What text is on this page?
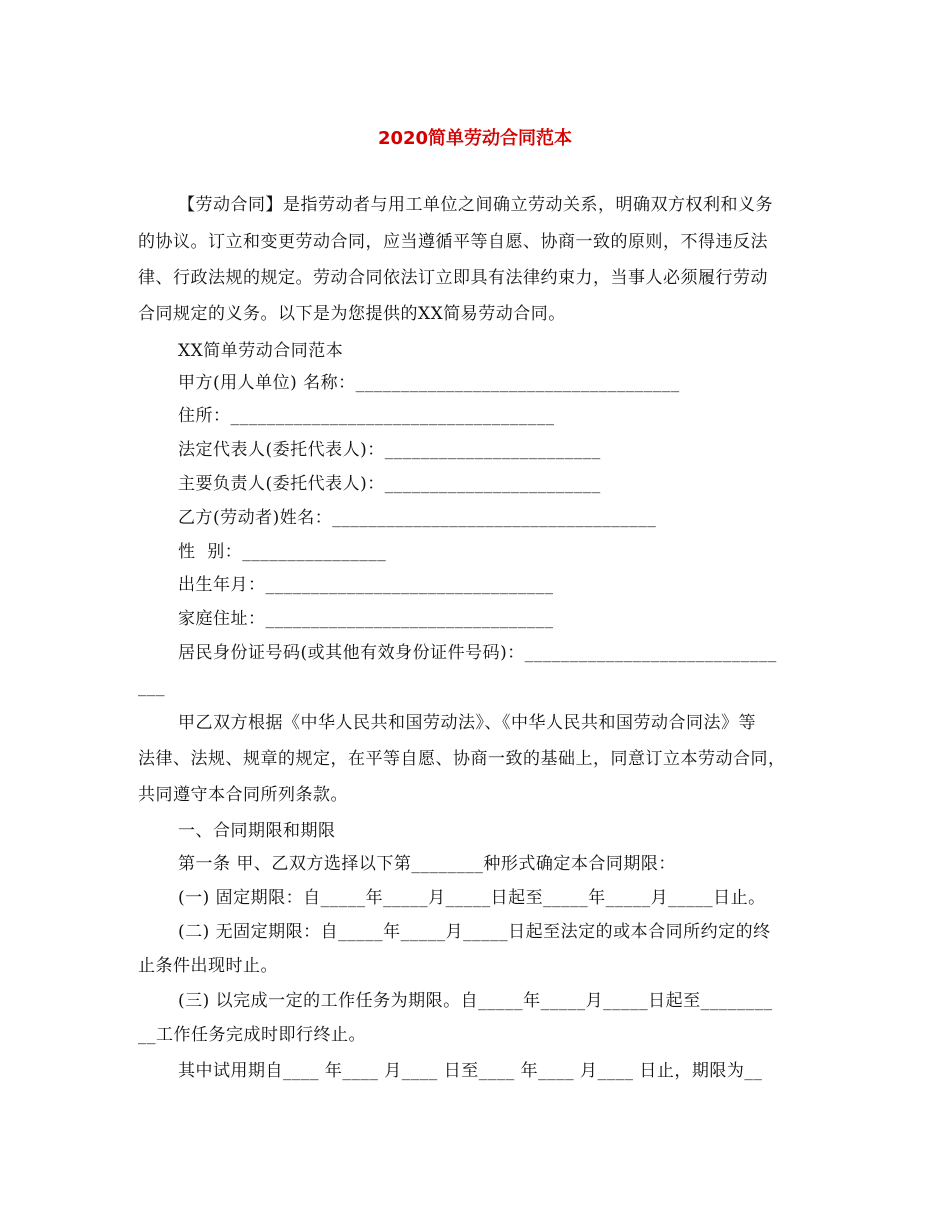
2020简单劳动合同范本
【劳动合同】是指劳动者与用工单位之间确立劳动关系，明确双方权利和义务
的协议。订立和变更劳动合同，应当遵循平等自愿、协商一致的原则，不得违反法
律、行政法规的规定。劳动合同依法订立即具有法律约束力，当事人必须履行劳动
合同规定的义务。以下是为您提供的XX简易劳动合同。
XX简单劳动合同范本
甲方(用人单位) 名称：____________________________________
住所：____________________________________
法定代表人(委托代表人)：________________________
主要负责人(委托代表人)：________________________
乙方(劳动者)姓名：____________________________________
性  别：________________
出生年月：________________________________
家庭住址：________________________________
居民身份证号码(或其他有效身份证件号码)：____________________________
___
甲乙双方根据《中华人民共和国劳动法》、《中华人民共和国劳动合同法》等
法律、法规、规章的规定，在平等自愿、协商一致的基础上，同意订立本劳动合同，
共同遵守本合同所列条款。
一、合同期限和期限
第一条 甲、乙双方选择以下第________种形式确定本合同期限：
(一) 固定期限：自_____年_____月_____日起至_____年_____月_____日止。
(二) 无固定期限：自_____年_____月_____日起至法定的或本合同所约定的终
止条件出现时止。
(三) 以完成一定的工作任务为期限。自_____年_____月_____日起至________
__工作任务完成时即行终止。
其中试用期自____ 年____ 月____ 日至____ 年____ 月____ 日止，期限为__
